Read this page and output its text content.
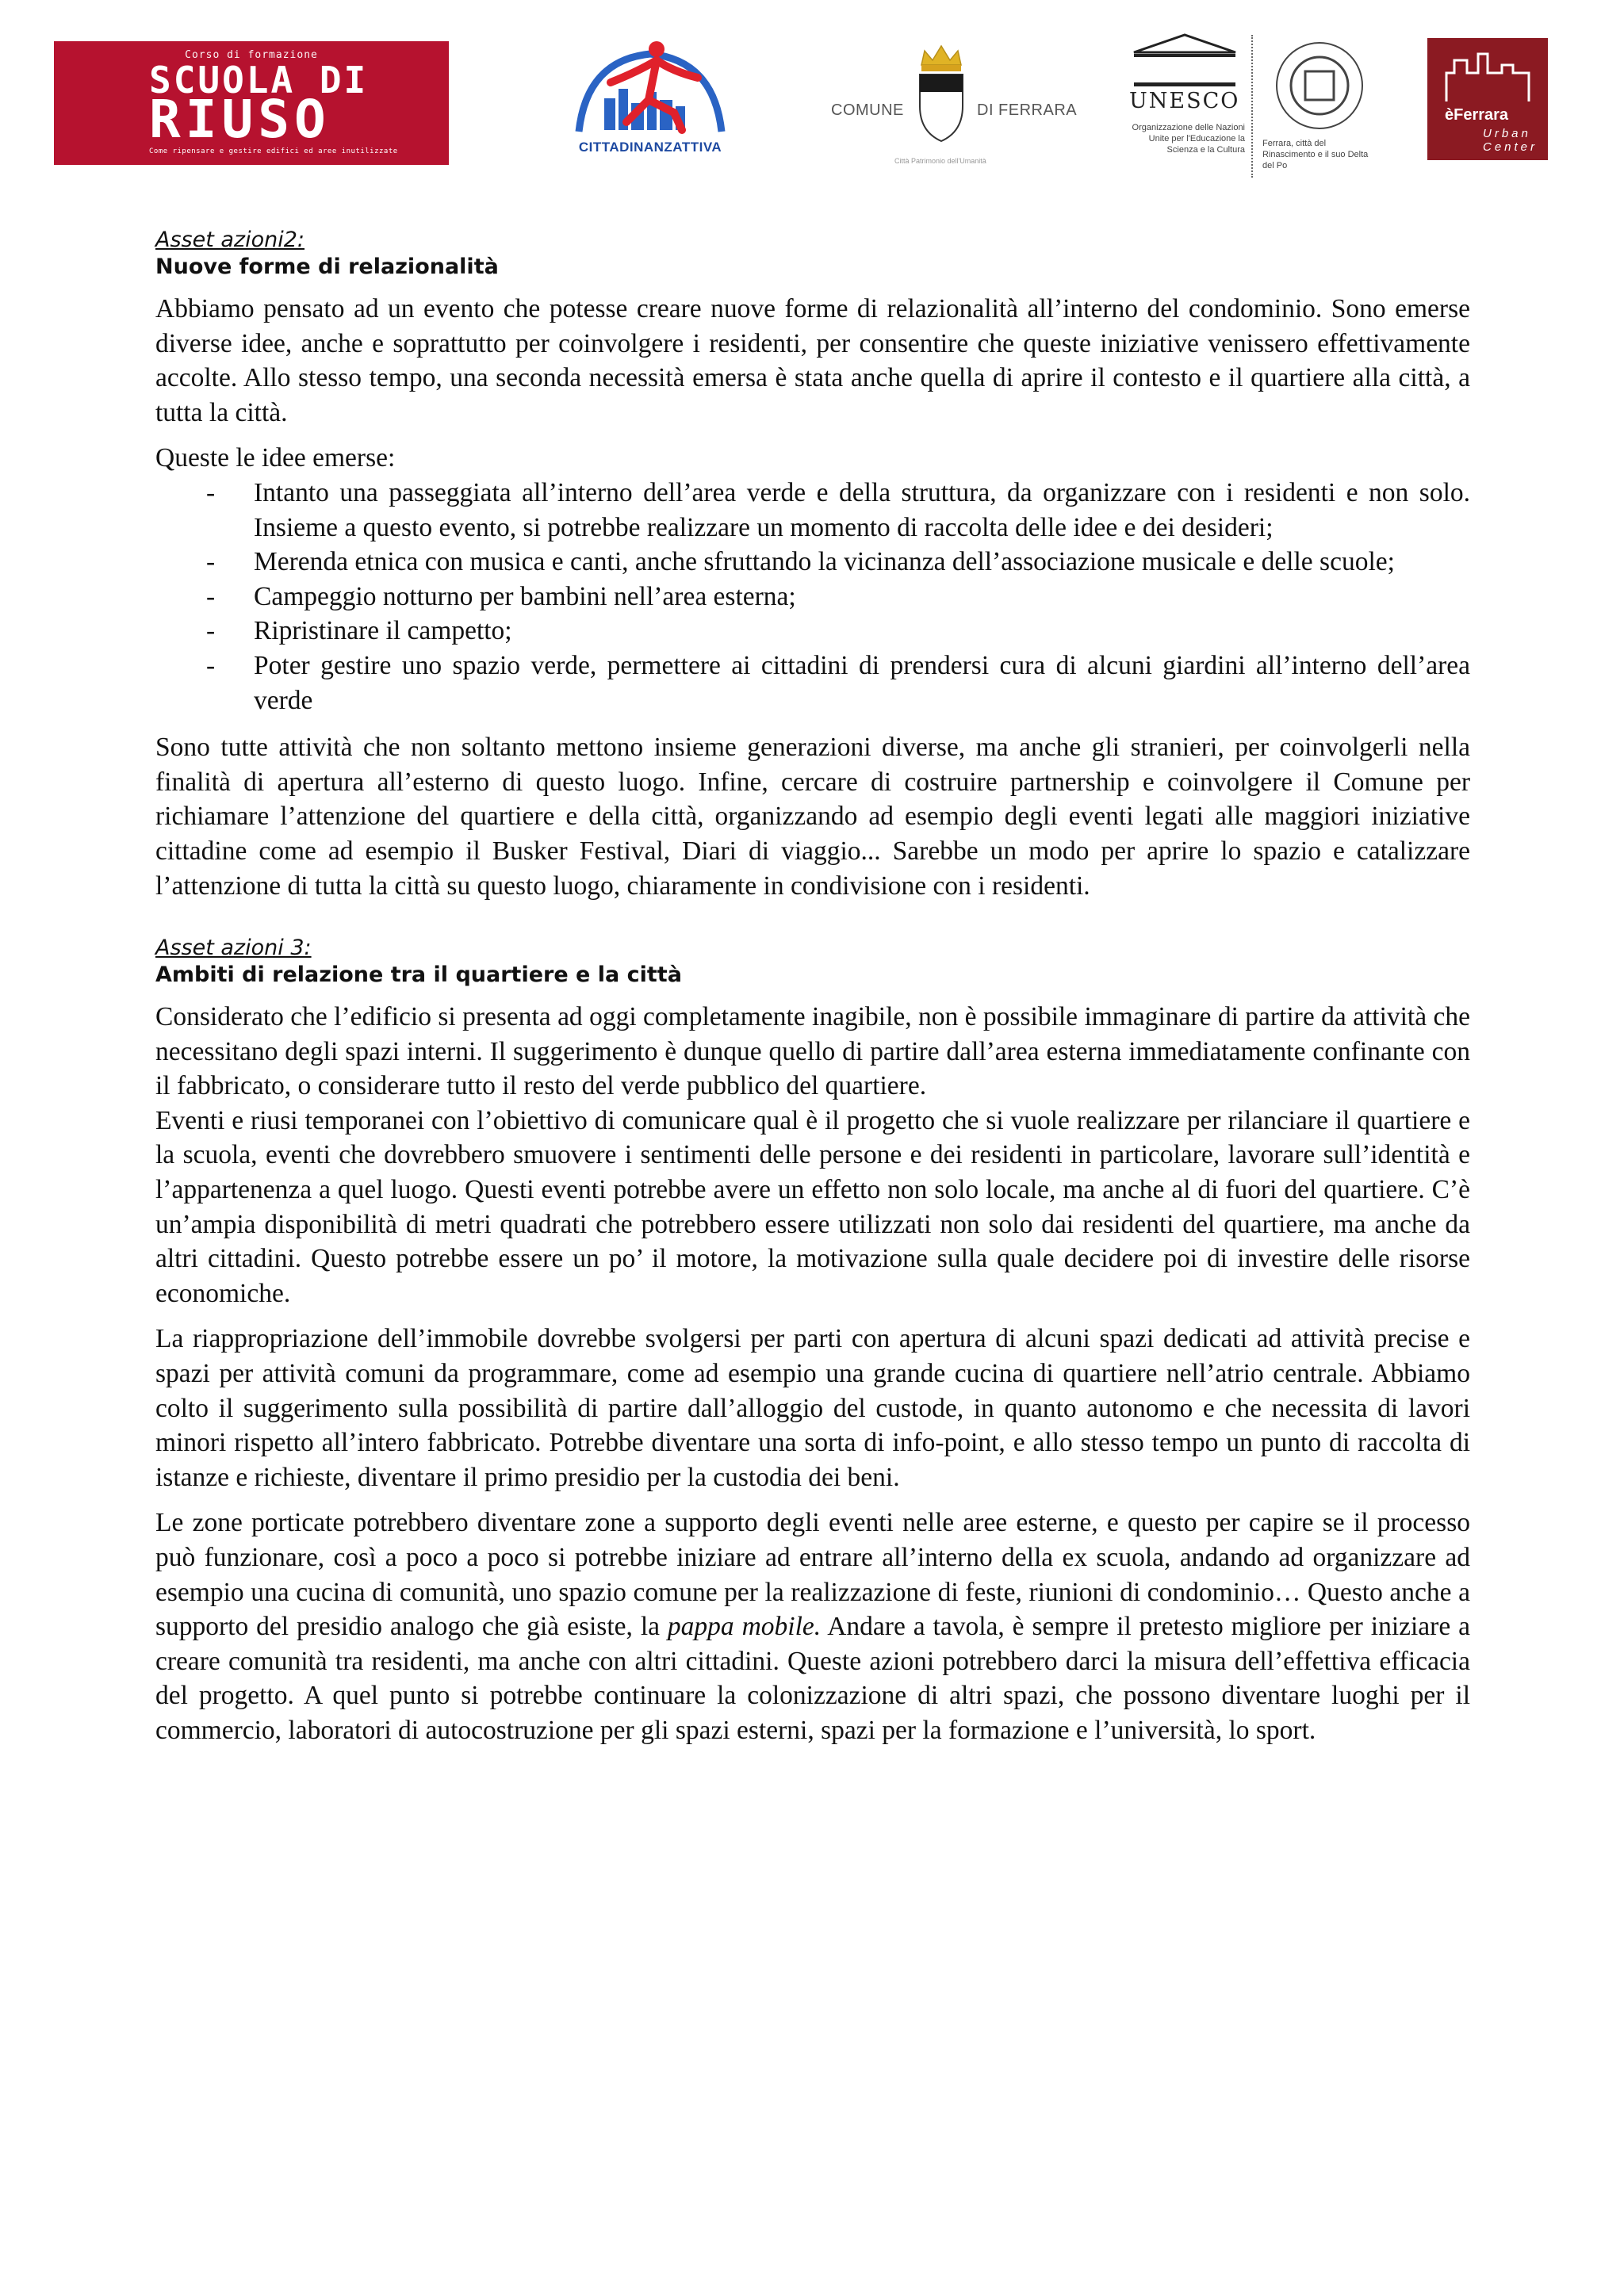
Corso di formazione
SCUOLA DI
RIUSO
Come ripensare e gestire edifici ed aree inutilizzate	CITTADINANZATTIVA
COMUNE	DI FERRARA
Città Patrimonio dell'Umanità
UNESCO
Organizzazione delle Nazioni Unite per l'Educazione la Scienza e la Cultura
Ferrara, città del Rinascimento e il suo Delta del Po
èFerrara
Urban
Center
Asset azioni2:
Nuove forme di relazionalità

Abbiamo pensato ad un evento che potesse creare nuove forme di relazionalità all’interno del condominio. Sono emerse diverse idee, anche e soprattutto per coinvolgere i residenti, per consentire che queste iniziative venissero effettivamente accolte. Allo stesso tempo, una seconda necessità emersa è stata anche quella di aprire il contesto e il quartiere alla città, a tutta la città.

Queste le idee emerse:

- Intanto una passeggiata all’interno dell’area verde e della struttura, da organizzare con i residenti e non solo. Insieme a questo evento, si potrebbe realizzare un momento di raccolta delle idee e dei desideri;
- Merenda etnica con musica e canti, anche sfruttando la vicinanza dell’associazione musicale e delle scuole;
- Campeggio notturno per bambini nell’area esterna;
- Ripristinare il campetto;
- Poter gestire uno spazio verde, permettere ai cittadini di prendersi cura di alcuni giardini all’interno dell’area verde

Sono tutte attività che non soltanto mettono insieme generazioni diverse, ma anche gli stranieri, per coinvolgerli nella finalità di apertura all’esterno di questo luogo. Infine, cercare di costruire partnership e coinvolgere il Comune per richiamare l’attenzione del quartiere e della città, organizzando ad esempio degli eventi legati alle maggiori iniziative cittadine come ad esempio il Busker Festival, Diari di viaggio... Sarebbe un modo per aprire lo spazio e catalizzare l’attenzione di tutta la città su questo luogo, chiaramente in condivisione con i residenti.

Asset azioni 3:
Ambiti di relazione tra il quartiere e la città

Considerato che l’edificio si presenta ad oggi completamente inagibile, non è possibile immaginare di partire da attività che necessitano degli spazi interni. Il suggerimento è dunque quello di partire dall’area esterna immediatamente confinante con il fabbricato, o considerare tutto il resto del verde pubblico del quartiere.

Eventi e riusi temporanei con l’obiettivo di comunicare qual è il progetto che si vuole realizzare per rilanciare il quartiere e la scuola, eventi che dovrebbero smuovere i sentimenti delle persone e dei residenti in particolare, lavorare sull’identità e l’appartenenza a quel luogo. Questi eventi potrebbe avere un effetto non solo locale, ma anche al di fuori del quartiere. C’è un’ampia disponibilità di metri quadrati che potrebbero essere utilizzati non solo dai residenti del quartiere, ma anche da altri cittadini. Questo potrebbe essere un po’ il motore, la motivazione sulla quale decidere poi di investire delle risorse economiche.

La riappropriazione dell’immobile dovrebbe svolgersi per parti con apertura di alcuni spazi dedicati ad attività precise e spazi per attività comuni da programmare, come ad esempio una grande cucina di quartiere nell’atrio centrale. Abbiamo colto il suggerimento sulla possibilità di partire dall’alloggio del custode, in quanto autonomo e che necessita di lavori minori rispetto all’intero fabbricato. Potrebbe diventare una sorta di info-point, e allo stesso tempo un punto di raccolta di istanze e richieste, diventare il primo presidio per la custodia dei beni.

Le zone porticate potrebbero diventare zone a supporto degli eventi nelle aree esterne, e questo per capire se il processo può funzionare, così a poco a poco si potrebbe iniziare ad entrare all’interno della ex scuola, andando ad organizzare ad esempio una cucina di comunità, uno spazio comune per la realizzazione di feste, riunioni di condominio… Questo anche a supporto del presidio analogo che già esiste, la pappa mobile. Andare a tavola, è sempre il pretesto migliore per iniziare a creare comunità tra residenti, ma anche con altri cittadini. Queste azioni potrebbero darci la misura dell’effettiva efficacia del progetto. A quel punto si potrebbe continuare la colonizzazione di altri spazi, che possono diventare luoghi per il commercio, laboratori di autocostruzione per gli spazi esterni, spazi per la formazione e l’università, lo sport.
